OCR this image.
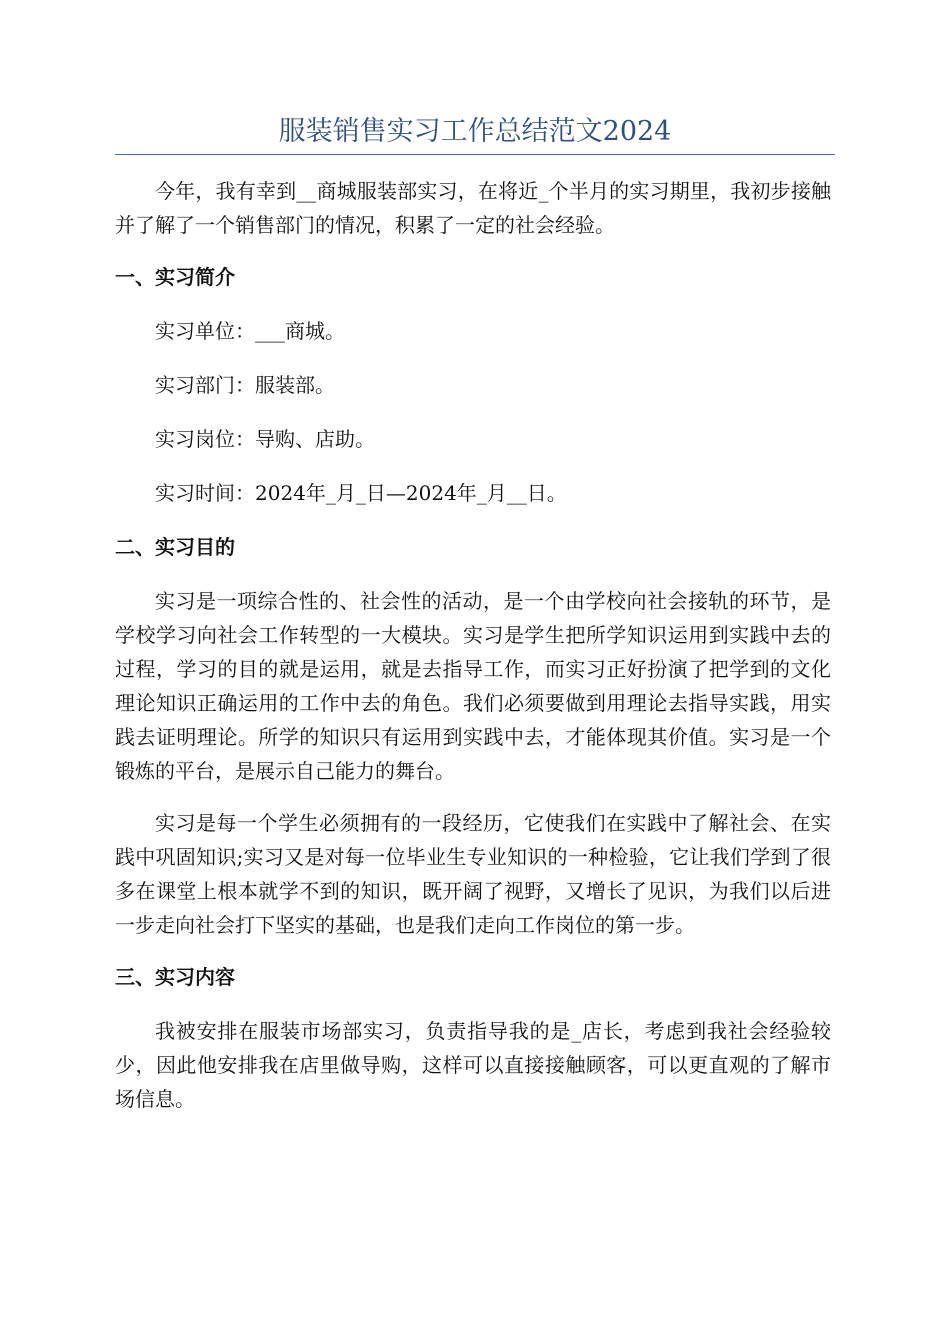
服装销售实习工作总结范文2024

今年，我有幸到__商城服装部实习，在将近_个半月的实习期里，我初步接触并了解了一个销售部门的情况，积累了一定的社会经验。

一、实习简介

实习单位：___商城。

实习部门：服装部。

实习岗位：导购、店助。

实习时间：2024年_月_日—2024年_月__日。

二、实习目的

实习是一项综合性的、社会性的活动，是一个由学校向社会接轨的环节，是学校学习向社会工作转型的一大模块。实习是学生把所学知识运用到实践中去的过程，学习的目的就是运用，就是去指导工作，而实习正好扮演了把学到的文化理论知识正确运用的工作中去的角色。我们必须要做到用理论去指导实践，用实践去证明理论。所学的知识只有运用到实践中去，才能体现其价值。实习是一个锻炼的平台，是展示自己能力的舞台。

实习是每一个学生必须拥有的一段经历，它使我们在实践中了解社会、在实践中巩固知识;实习又是对每一位毕业生专业知识的一种检验，它让我们学到了很多在课堂上根本就学不到的知识，既开阔了视野，又增长了见识，为我们以后进一步走向社会打下坚实的基础，也是我们走向工作岗位的第一步。

三、实习内容

我被安排在服装市场部实习，负责指导我的是_店长，考虑到我社会经验较少，因此他安排我在店里做导购，这样可以直接接触顾客，可以更直观的了解市场信息。
